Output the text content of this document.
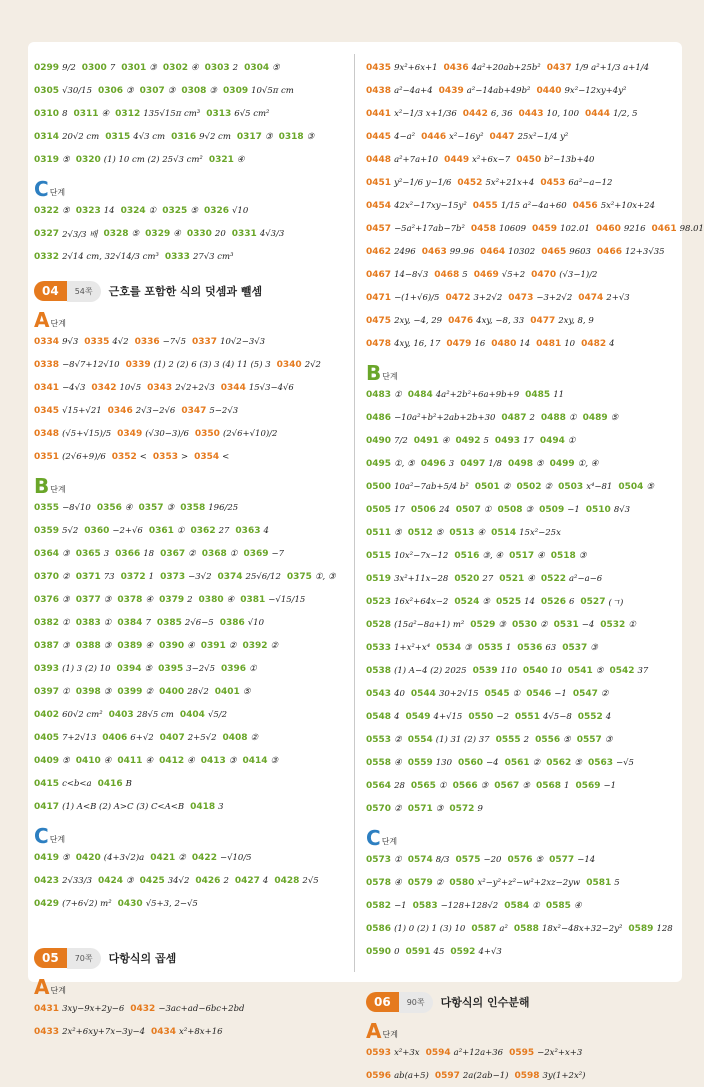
0299 9/2 0300 7 0301 ③ 0302 ④ 0303 2 0304 ⑤
0305 √30/15 0306 ③ 0307 ③ 0308 ③ 0309 10√5π cm
0310 8 0311 ④ 0312 135√15π cm³ 0313 6√5 cm²
0314 20√2 cm 0315 4√3 cm 0316 9√2 cm 0317 ③ 0318 ③
0319 ⑤ 0320 (1) 10 cm (2) 25√3 cm² 0321 ④
C 단계
0322 ⑤ 0323 14 0324 ① 0325 ⑤ 0326 √10
0327 2√3/3 배 0328 ⑤ 0329 ④ 0330 20 0331 4√3/3
0332 2√14 cm, 32√14/3 cm³ 0333 27√3 cm³
04	54쪽	근호를 포함한 식의 덧셈과 뺄셈
A 단계
0334 9√3 0335 4√2 0336 −7√5 0337 10√2−3√3
0338 −8√7+12√10 0339 (1) 2 (2) 6 (3) 3 (4) 11 (5) 3 0340 2√2
0341 −4√3 0342 10√5 0343 2√2+2√3 0344 15√3−4√6
0345 √15+√21 0346 2√3−2√6 0347 5−2√3
0348 (√5+√15)/5 0349 (√30−3)/6 0350 (2√6+√10)/2
0351 (2√6+9)/6 0352 < 0353 > 0354 <
B 단계
0355 −8√10 0356 ④ 0357 ③ 0358 196/25
0359 5√2 0360 −2+√6 0361 ① 0362 27 0363 4
0364 ③ 0365 3 0366 18 0367 ② 0368 ① 0369 −7
0370 ② 0371 73 0372 1 0373 −3√2 0374 25√6/12 0375 ①, ③
0376 ③ 0377 ③ 0378 ④ 0379 2 0380 ④ 0381 −√15/15
0382 ① 0383 ① 0384 7 0385 2√6−5 0386 √10
0387 ③ 0388 ③ 0389 ④ 0390 ④ 0391 ② 0392 ②
0393 (1) 3 (2) 10 0394 ⑤ 0395 3−2√5 0396 ①
0397 ① 0398 ③ 0399 ② 0400 28√2 0401 ⑤
0402 60√2 cm² 0403 28√5 cm 0404 √5/2
0405 7+2√13 0406 6+√2 0407 2+5√2 0408 ②
0409 ⑤ 0410 ④ 0411 ④ 0412 ④ 0413 ③ 0414 ③
0415 c<b<a 0416 B
0417 (1) A<B (2) A>C (3) C<A<B 0418 3
C 단계
0419 ⑤ 0420 (4+3√2)a 0421 ② 0422 −√10/5
0423 2√33/3 0424 ③ 0425 34√2 0426 2 0427 4 0428 2√5
0429 (7+6√2) m² 0430 √5+3, 2−√5
05	70쪽	다항식의 곱셈
A 단계
0431 3xy−9x+2y−6 0432 −3ac+ad−6bc+2bd
0433 2x²+6xy+7x−3y−4 0434 x²+8x+16
0435 9x²+6x+1 0436 4a²+20ab+25b² 0437 1/9 a²+1/3 a+1/4
0438 a²−4a+4 0439 a²−14ab+49b² 0440 9x²−12xy+4y²
0441 x²−1/3 x+1/36 0442 6, 36 0443 10, 100 0444 1/2, 5
0445 4−a² 0446 x²−16y² 0447 25x²−1/4 y²
0448 a²+7a+10 0449 x²+6x−7 0450 b²−13b+40
0451 y²−1/6 y−1/6 0452 5x²+21x+4 0453 6a²−a−12
0454 42x²−17xy−15y² 0455 1/15 a²−4a+60 0456 5x²+10x+24
0457 −5a²+17ab−7b² 0458 10609 0459 102.01 0460 9216 0461 98.01
0462 2496 0463 99.96 0464 10302 0465 9603 0466 12+3√35
0467 14−8√3 0468 5 0469 √5+2 0470 (√3−1)/2
0471 −(1+√6)/5 0472 3+2√2 0473 −3+2√2 0474 2+√3
0475 2xy, −4, 29 0476 4xy, −8, 33 0477 2xy, 8, 9
0478 4xy, 16, 17 0479 16 0480 14 0481 10 0482 4
B 단계
0483 ① 0484 4a²+2b²+6a+9b+9 0485 11
0486 −10a²+b²+2ab+2b+30 0487 2 0488 ① 0489 ⑤
0490 7/2 0491 ④ 0492 5 0493 17 0494 ①
0495 ①, ⑤ 0496 3 0497 1/8 0498 ⑤ 0499 ①, ④
0500 10a²−7ab+5/4 b² 0501 ② 0502 ② 0503 x⁴−81 0504 ⑤
0505 17 0506 24 0507 ① 0508 ③ 0509 −1 0510 8√3
0511 ⑤ 0512 ⑤ 0513 ④ 0514 15x²−25x
0515 10x²−7x−12 0516 ③, ④ 0517 ④ 0518 ③
0519 3x²+11x−28 0520 27 0521 ④ 0522 a²−a−6
0523 16x²+64x−2 0524 ⑤ 0525 14 0526 6 0527 (ㄱ)
0528 (15a²−8a+1) m² 0529 ③ 0530 ② 0531 −4 0532 ①
0533 1+x²+x⁴ 0534 ③ 0535 1 0536 63 0537 ③
0538 (1) A−4 (2) 2025 0539 110 0540 10 0541 ⑤ 0542 37
0543 40 0544 30+2√15 0545 ① 0546 −1 0547 ②
0548 4 0549 4+√15 0550 −2 0551 4√5−8 0552 4
0553 ② 0554 (1) 31 (2) 37 0555 2 0556 ⑤ 0557 ③
0558 ④ 0559 130 0560 −4 0561 ② 0562 ⑤ 0563 −√5
0564 28 0565 ① 0566 ③ 0567 ⑤ 0568 1 0569 −1
0570 ② 0571 ③ 0572 9
C 단계
0573 ① 0574 8/3 0575 −20 0576 ⑤ 0577 −14
0578 ④ 0579 ② 0580 x²−y²+z²−w²+2xz−2yw 0581 5
0582 −1 0583 −128+128√2 0584 ① 0585 ④
0586 (1) 0 (2) 1 (3) 10 0587 a² 0588 18x²−48x+32−2y² 0589 128
0590 0 0591 45 0592 4+√3
06	90쪽	다항식의 인수분해
A 단계
0593 x²+3x 0594 a²+12a+36 0595 −2x²+x+3
0596 ab(a+5) 0597 2a(2ab−1) 0598 3y(1+2x²)
